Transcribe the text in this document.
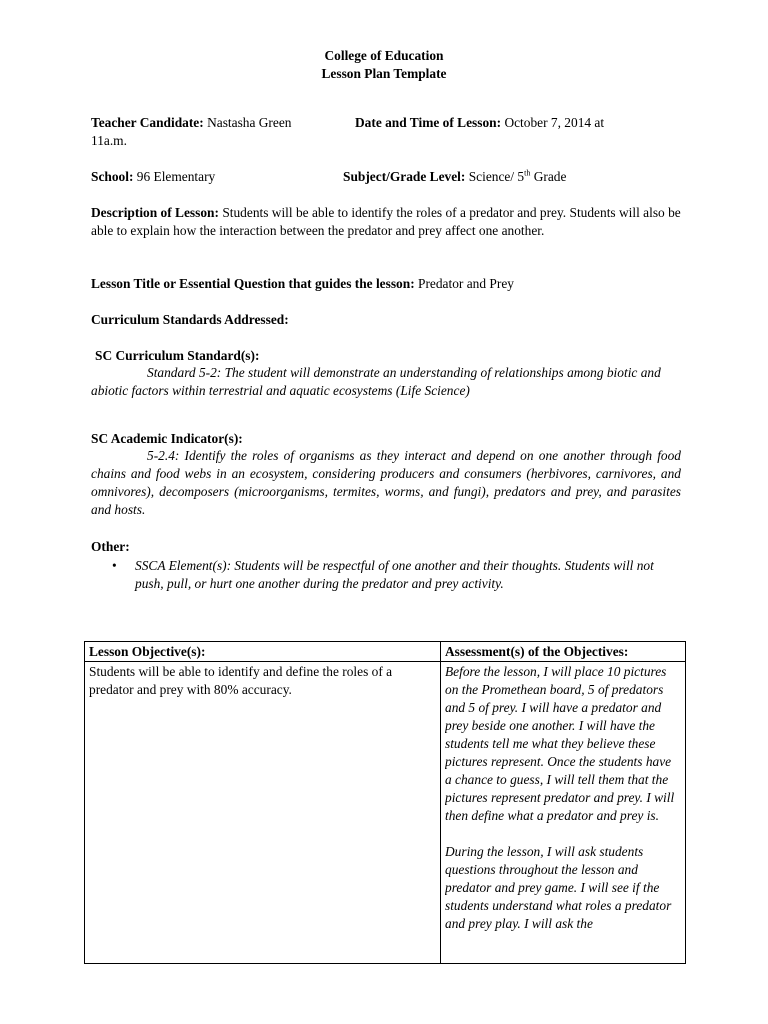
College of Education
Lesson Plan Template
Teacher Candidate: Nastasha Green	Date and Time of Lesson: October 7, 2014 at
11a.m.
School: 96 Elementary	Subject/Grade Level: Science/ 5th Grade
Description of Lesson: Students will be able to identify the roles of a predator and prey. Students will also be able to explain how the interaction between the predator and prey affect one another.
Lesson Title or Essential Question that guides the lesson: Predator and Prey
Curriculum Standards Addressed:
SC Curriculum Standard(s):
Standard 5-2: The student will demonstrate an understanding of relationships among biotic and abiotic factors within terrestrial and aquatic ecosystems (Life Science)
SC Academic Indicator(s):
5-2.4: Identify the roles of organisms as they interact and depend on one another through food chains and food webs in an ecosystem, considering producers and consumers (herbivores, carnivores, and omnivores), decomposers (microorganisms, termites, worms, and fungi), predators and prey, and parasites and hosts.
Other:
•	SSCA Element(s): Students will be respectful of one another and their thoughts. Students will not push, pull, or hurt one another during the predator and prey activity.
Lesson Objective(s):	Assessment(s) of the Objectives:

Students will be able to identify and define the roles of a predator and prey with 80% accuracy.	Before the lesson, I will place 10 pictures on the Promethean board, 5 of predators and 5 of prey. I will have a predator and prey beside one another. I will have the students tell me what they believe these pictures represent. Once the students have a chance to guess, I will tell them that the pictures represent predator and prey. I will then define what a predator and prey is.
During the lesson, I will ask students questions throughout the lesson and predator and prey game. I will see if the students understand what roles a predator and prey play. I will ask the
